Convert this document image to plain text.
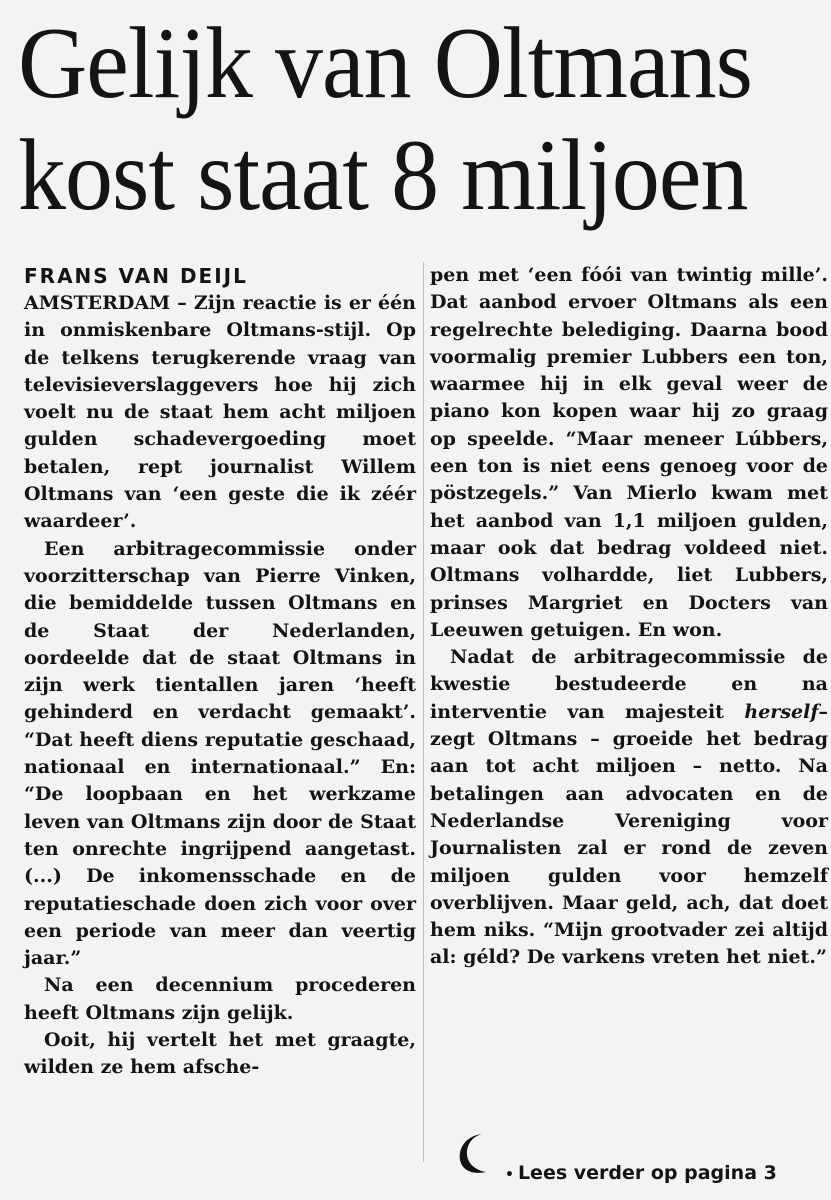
Gelijk van Oltmans
kost staat 8 miljoen
FRANS VAN DEIJL

AMSTERDAM – Zijn reactie is er één in onmiskenbare Oltmans-stijl. Op de telkens terugkerende vraag van televisieverslaggevers hoe hij zich voelt nu de staat hem acht miljoen gulden schadevergoeding moet betalen, rept journalist Willem Oltmans van ‘een geste die ik zéér waardeer’.

Een arbitragecommissie onder voorzitterschap van Pierre Vinken, die bemiddelde tussen Oltmans en de Staat der Nederlanden, oordeelde dat de staat Oltmans in zijn werk tientallen jaren ‘heeft gehinderd en verdacht gemaakt’. “Dat heeft diens reputatie geschaad, nationaal en internationaal.” En: “De loopbaan en het werkzame leven van Oltmans zijn door de Staat ten onrechte ingrijpend aangetast. (...) De inkomensschade en de reputatieschade doen zich voor over een periode van meer dan veertig jaar.”

Na een decennium procederen heeft Oltmans zijn gelijk.

Ooit, hij vertelt het met graagte, wilden ze hem afsche-

pen met ‘een fóói van twintig mille’. Dat aanbod ervoer Oltmans als een regelrechte belediging. Daarna bood voormalig premier Lubbers een ton, waarmee hij in elk geval weer de piano kon kopen waar hij zo graag op speelde. “Maar meneer Lúbbers, een ton is niet eens genoeg voor de pöstzegels.” Van Mierlo kwam met het aanbod van 1,1 miljoen gulden, maar ook dat bedrag voldeed niet. Oltmans volhardde, liet Lubbers, prinses Margriet en Docters van Leeuwen getuigen. En won.

Nadat de arbitragecommissie de kwestie bestudeerde en na interventie van majesteit herself– zegt Oltmans – groeide het bedrag aan tot acht miljoen – netto. Na betalingen aan advocaten en de Nederlandse Vereniging voor Journalisten zal er rond de zeven miljoen gulden voor hemzelf overblijven. Maar geld, ach, dat doet hem niks. “Mijn grootvader zei altijd al: géld? De varkens vreten het niet.”

• Lees verder op pagina 3
